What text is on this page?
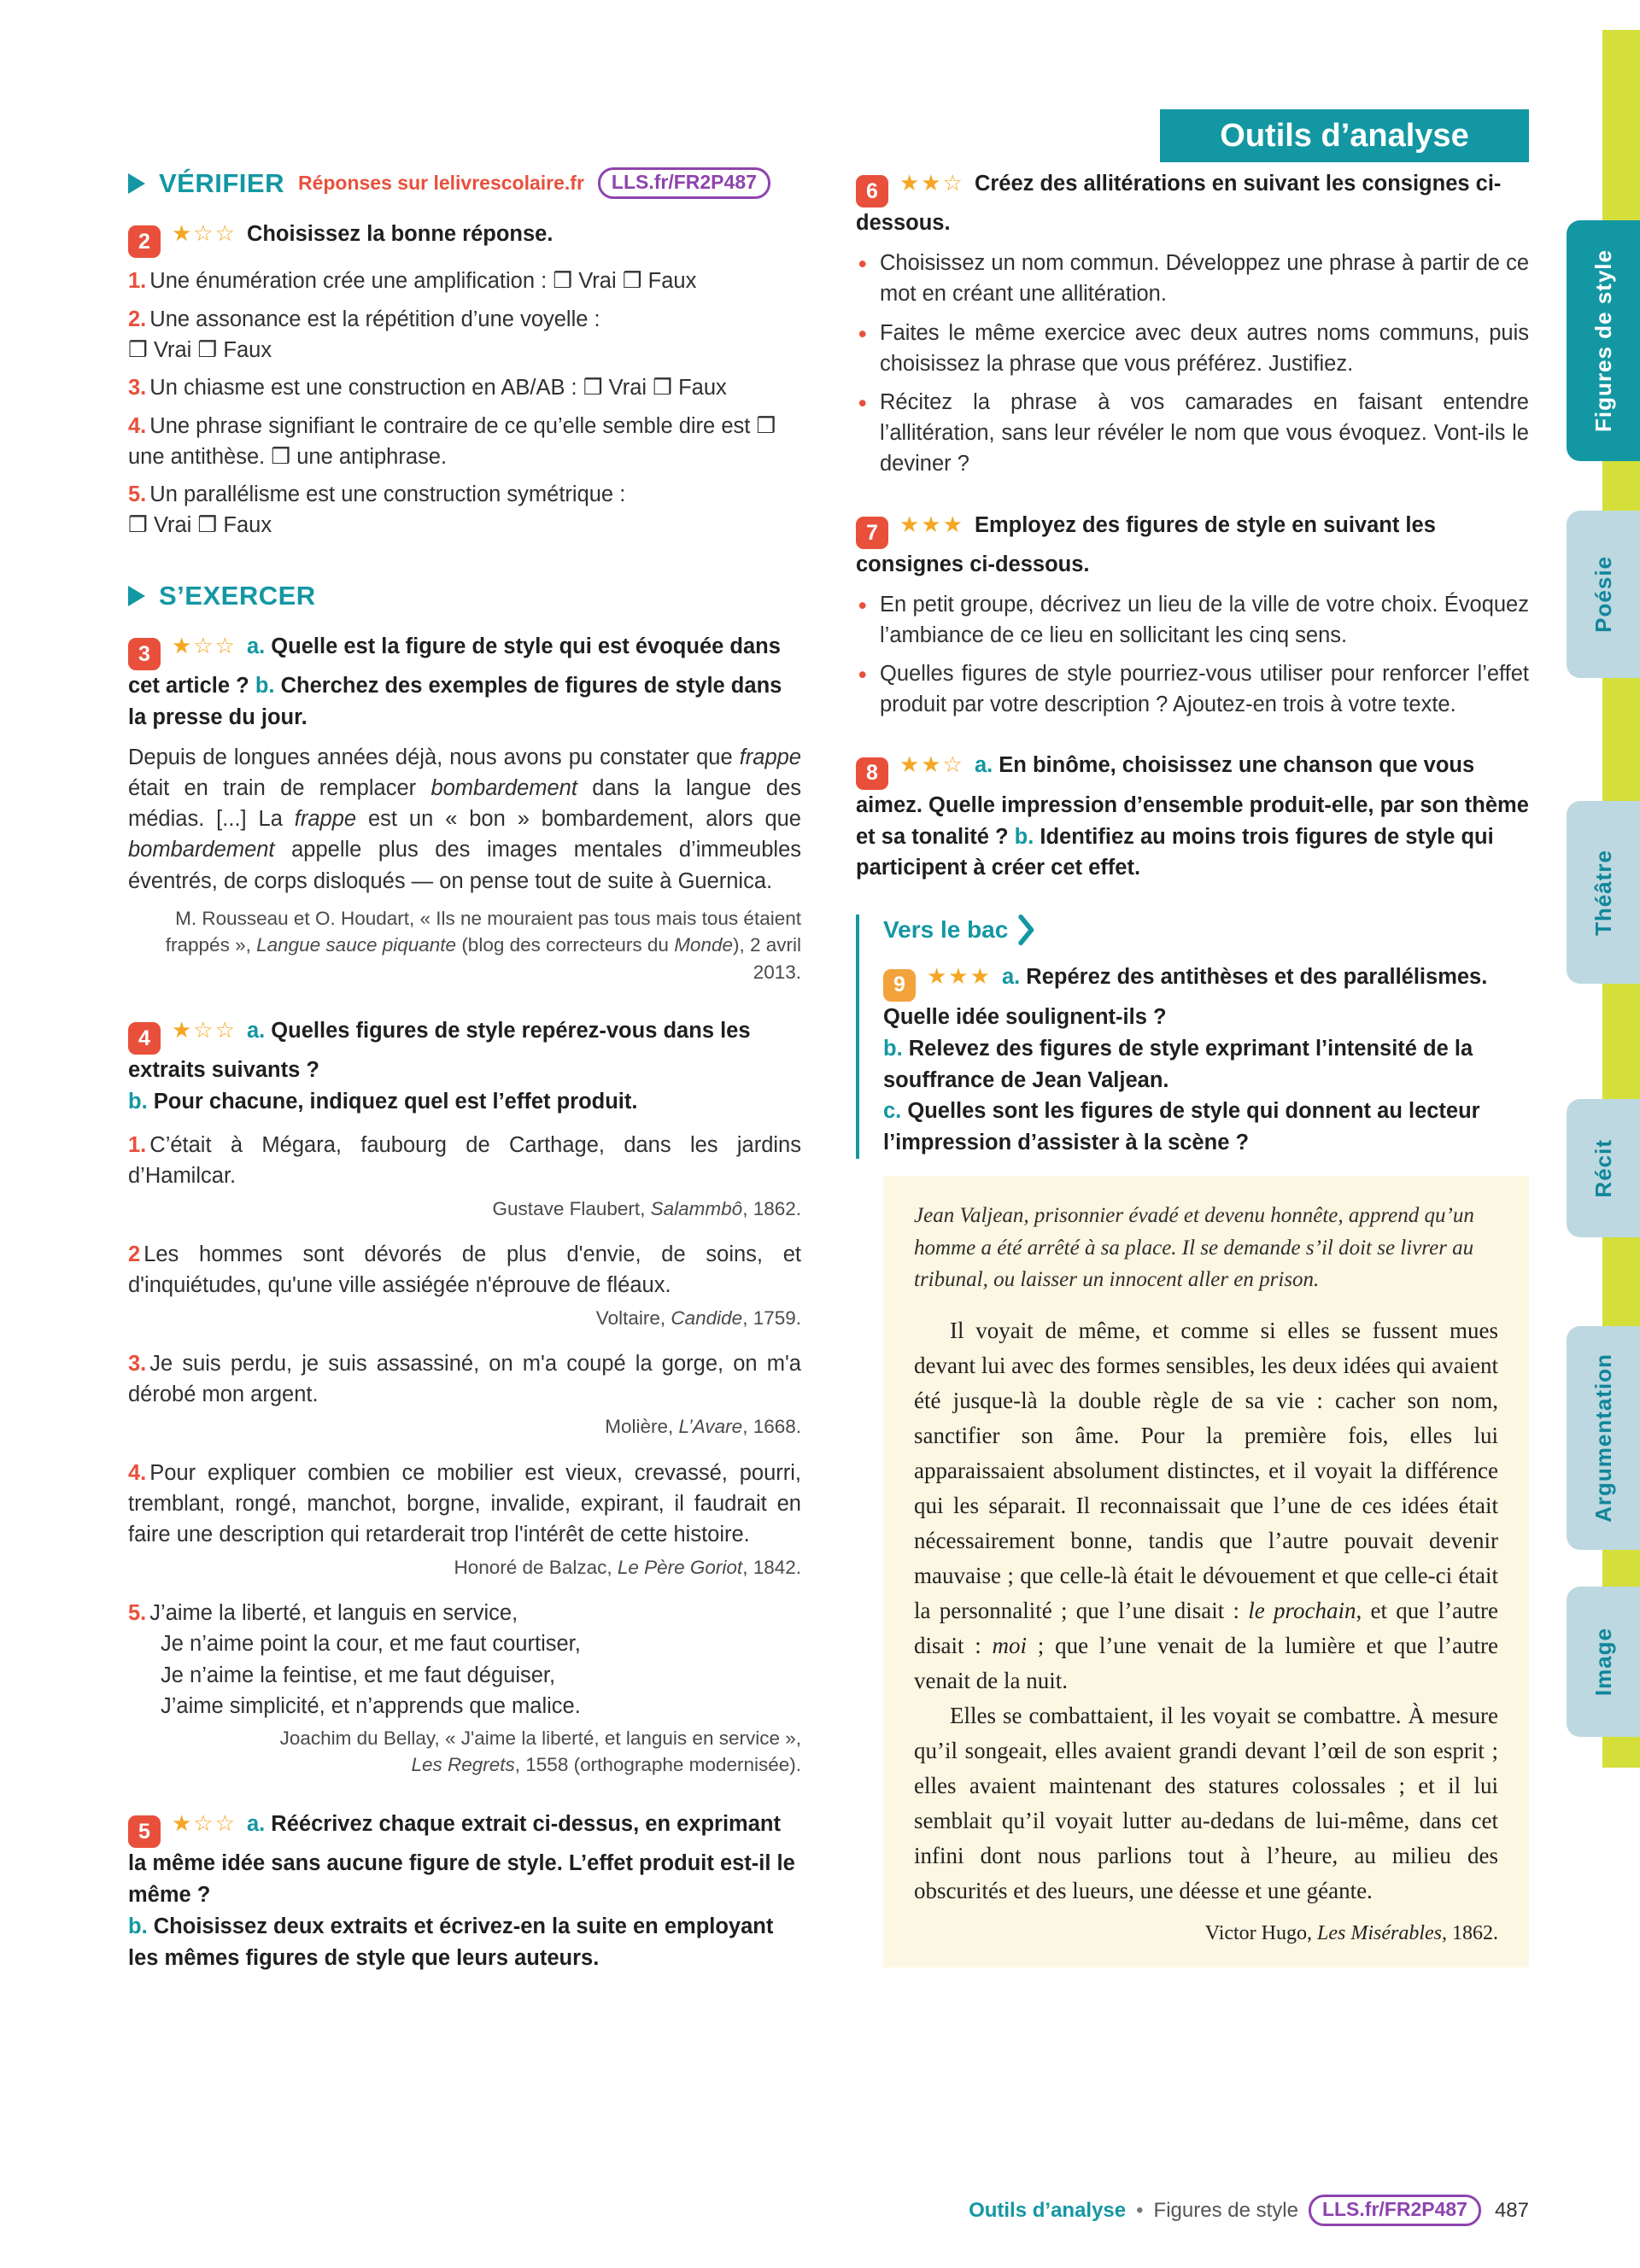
Outils d’analyse
Figures de style
Poésie
Théâtre
Récit
Argumentation
Image
VÉRIFIER Réponses sur lelivrescolaire.fr	LLS.fr/FR2P487

2 ★☆☆ Choisissez la bonne réponse.

1. Une énumération crée une amplification : ❒ Vrai ❒ Faux

2. Une assonance est la répétition d’une voyelle :
❒ Vrai ❒ Faux

3. Un chiasme est une construction en AB/AB : ❒ Vrai ❒ Faux

4. Une phrase signifiant le contraire de ce qu’elle semble dire est ❒ une antithèse. ❒ une antiphrase.

5. Un parallélisme est une construction symétrique :
❒ Vrai ❒ Faux

S’EXERCER

3 ★☆☆ a. Quelle est la figure de style qui est évoquée dans cet article ? b. Cherchez des exemples de figures de style dans la presse du jour.

Depuis de longues années déjà, nous avons pu constater que frappe était en train de remplacer bombardement dans la langue des médias. [...] La frappe est un « bon » bombardement, alors que bombardement appelle plus des images mentales d’immeubles éventrés, de corps disloqués — on pense tout de suite à Guernica.

M. Rousseau et O. Houdart, « Ils ne mouraient pas tous mais tous étaient frappés », Langue sauce piquante (blog des correcteurs du Monde), 2 avril 2013.

4 ★☆☆ a. Quelles figures de style repérez-vous dans les extraits suivants ?
b. Pour chacune, indiquez quel est l’effet produit.

1. C’était à Mégara, faubourg de Carthage, dans les jardins d’Hamilcar.

Gustave Flaubert, Salammbô, 1862.

2 Les hommes sont dévorés de plus d'envie, de soins, et d'inquiétudes, qu'une ville assiégée n'éprouve de fléaux.

Voltaire, Candide, 1759.

3. Je suis perdu, je suis assassiné, on m'a coupé la gorge, on m'a dérobé mon argent.

Molière, L’Avare, 1668.

4. Pour expliquer combien ce mobilier est vieux, crevassé, pourri, tremblant, rongé, manchot, borgne, invalide, expirant, il faudrait en faire une description qui retarderait trop l'intérêt de cette histoire.

Honoré de Balzac, Le Père Goriot, 1842.

5. J’aime la liberté, et languis en service,
Je n’aime point la cour, et me faut courtiser,
Je n’aime la feintise, et me faut déguiser,
J’aime simplicité, et n’apprends que malice.

Joachim du Bellay, « J'aime la liberté, et languis en service »,
Les Regrets, 1558 (orthographe modernisée).

5 ★☆☆ a. Réécrivez chaque extrait ci-dessus, en exprimant la même idée sans aucune figure de style. L’effet produit est-il le même ?
b. Choisissez deux extraits et écrivez-en la suite en employant les mêmes figures de style que leurs auteurs.

6 ★★☆ Créez des allitérations en suivant les consignes ci-dessous.

•
Choisissez un nom commun. Développez une phrase à partir de ce mot en créant une allitération.

•
Faites le même exercice avec deux autres noms communs, puis choisissez la phrase que vous préférez. Justifiez.

•
Récitez la phrase à vos camarades en faisant entendre l’allitération, sans leur révéler le nom que vous évoquez. Vont-ils le deviner ?

7 ★★★ Employez des figures de style en suivant les consignes ci-dessous.

•
En petit groupe, décrivez un lieu de la ville de votre choix. Évoquez l’ambiance de ce lieu en sollicitant les cinq sens.

•
Quelles figures de style pourriez-vous utiliser pour renforcer l’effet produit par votre description ? Ajoutez-en trois à votre texte.

8 ★★☆ a. En binôme, choisissez une chanson que vous aimez. Quelle impression d’ensemble produit-elle, par son thème et sa tonalité ? b. Identifiez au moins trois figures de style qui participent à créer cet effet.

Vers le bac

9 ★★★ a. Repérez des antithèses et des parallélismes. Quelle idée soulignent-ils ?
b. Relevez des figures de style exprimant l’intensité de la souffrance de Jean Valjean.
c. Quelles sont les figures de style qui donnent au lecteur l’impression d’assister à la scène ?

Jean Valjean, prisonnier évadé et devenu honnête, apprend qu’un homme a été arrêté à sa place. Il se demande s’il doit se livrer au tribunal, ou laisser un innocent aller en prison.

Il voyait de même, et comme si elles se fussent mues devant lui avec des formes sensibles, les deux idées qui avaient été jusque-là la double règle de sa vie : cacher son nom, sanctifier son âme. Pour la première fois, elles lui apparaissaient absolument distinctes, et il voyait la différence qui les séparait. Il reconnaissait que l’une de ces idées était nécessairement bonne, tandis que l’autre pouvait devenir mauvaise ; que celle-là était le dévouement et que celle-ci était la personnalité ; que l’une disait : le prochain, et que l’autre disait : moi ; que l’une venait de la lumière et que l’autre venait de la nuit.

Elles se combattaient, il les voyait se combattre. À mesure qu’il songeait, elles avaient grandi devant l’œil de son esprit ; elles avaient maintenant des statures colossales ; et il lui semblait qu’il voyait lutter au-dedans de lui-même, dans cet infini dont nous parlions tout à l’heure, au milieu des obscurités et des lueurs, une déesse et une géante.

Victor Hugo, Les Misérables, 1862.

Outils d’analyse • Figures de style	LLS.fr/FR2P487	487
